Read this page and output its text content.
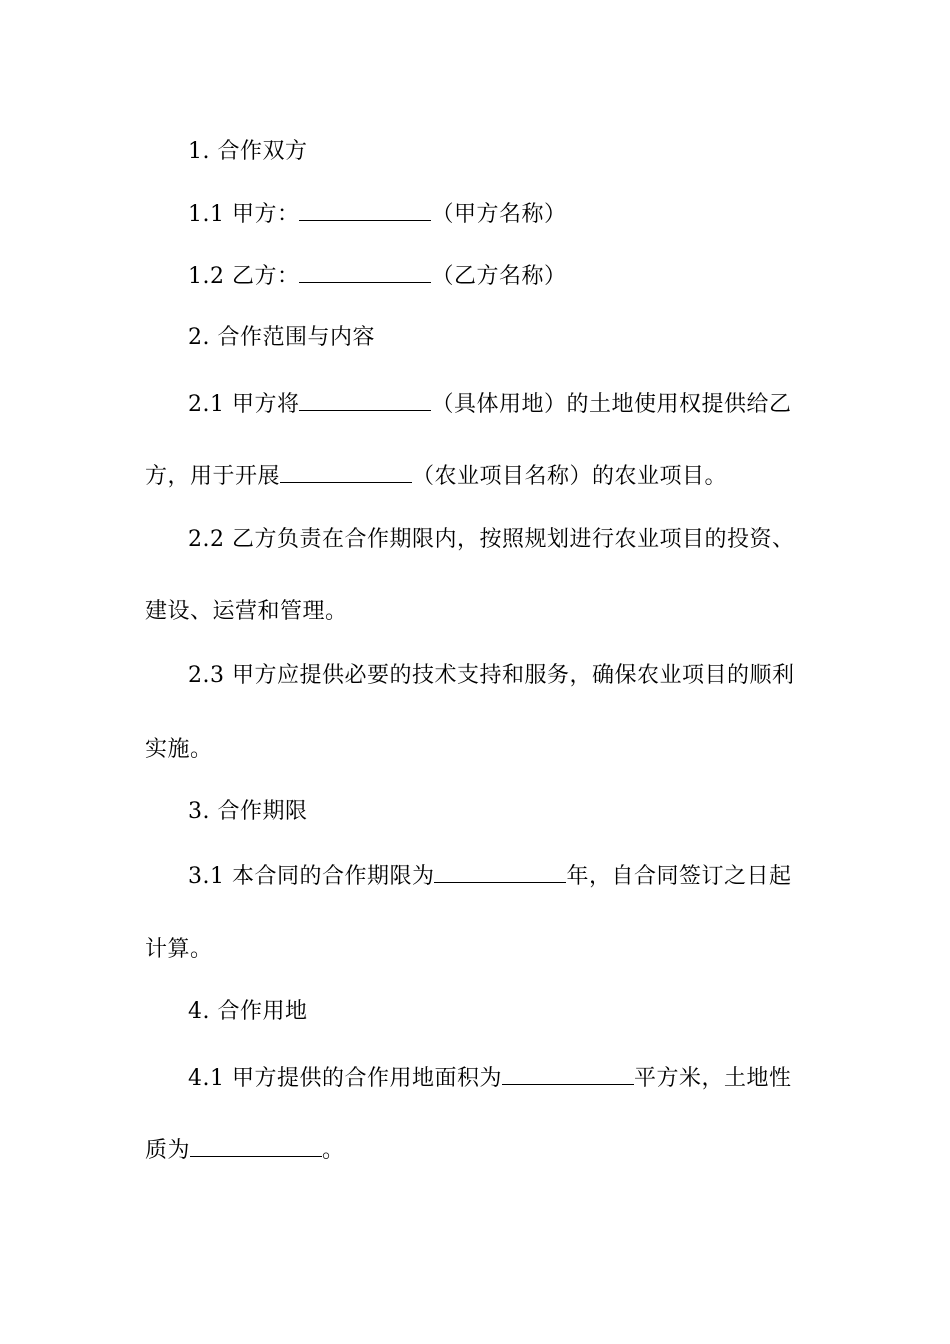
1. 合作双方
1.1 甲方：	（甲方名称）
1.2 乙方：	（乙方名称）
2. 合作范围与内容
2.1 甲方将	（具体用地）的土地使用权提供给乙
方，用于开展	（农业项目名称）的农业项目。
2.2 乙方负责在合作期限内，按照规划进行农业项目的投资、
建设、运营和管理。
2.3 甲方应提供必要的技术支持和服务，确保农业项目的顺利
实施。
3. 合作期限
3.1 本合同的合作期限为	年，自合同签订之日起
计算。
4. 合作用地
4.1 甲方提供的合作用地面积为	平方米，土地性
质为	。
